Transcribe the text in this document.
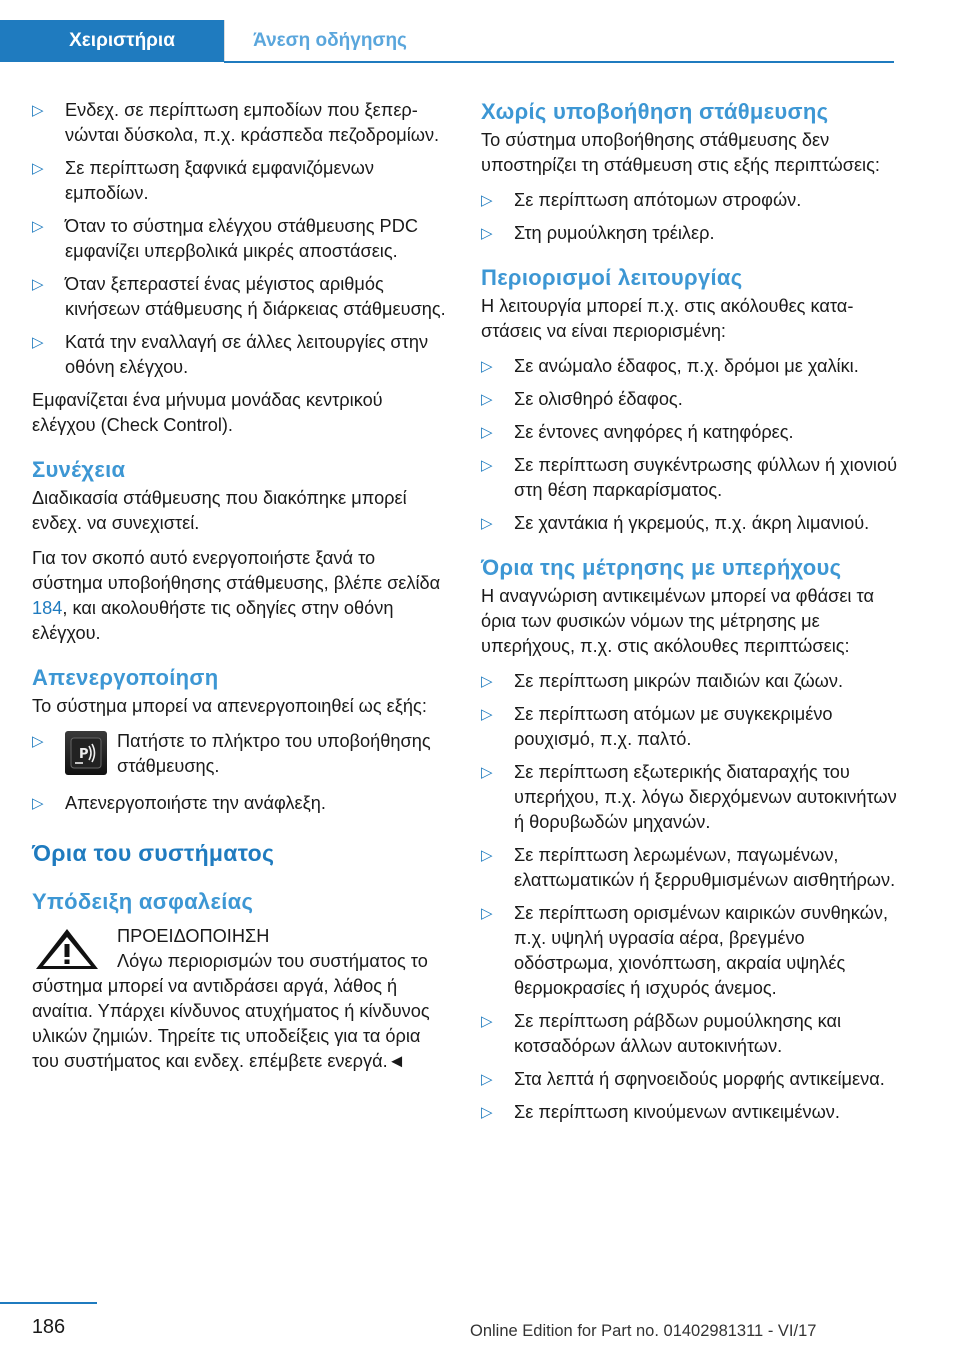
Χειριστήρια	Άνεση οδήγησης
▷ Ενδεχ. σε περίπτωση εμποδίων που ξεπερνώνται δύσκολα, π.χ. κράσπεδα πεζοδρομίων.
▷ Σε περίπτωση ξαφνικά εμφανιζόμενων εμποδίων.
▷ Όταν το σύστημα ελέγχου στάθμευσης PDC εμφανίζει υπερβολικά μικρές αποστάσεις.
▷ Όταν ξεπεραστεί ένας μέγιστος αριθμός κινήσεων στάθμευσης ή διάρκειας στάθμευσης.
▷ Κατά την εναλλαγή σε άλλες λειτουργίες στην οθόνη ελέγχου.

Εμφανίζεται ένα μήνυμα μονάδας κεντρικού ελέγχου (Check Control).

Συνέχεια

Διαδικασία στάθμευσης που διακόπηκε μπορεί ενδεχ. να συνεχιστεί.

Για τον σκοπό αυτό ενεργοποιήστε ξανά το σύστημα υποβοήθησης στάθμευσης, βλέπε σελίδα 184, και ακολουθήστε τις οδηγίες στην οθόνη ελέγχου.

Απενεργοποίηση

Το σύστημα μπορεί να απενεργοποιηθεί ως εξής:

▷
P
Πατήστε το πλήκτρο του υποβοήθησης στάθμευσης.
▷ Απενεργοποιήστε την ανάφλεξη.
Όρια του συστήματος
Υπόδειξη ασφαλείας
ΠΡΟΕΙΔΟΠΟΙΗΣΗ
Λόγω περιορισμών του συστήματος το

σύστημα μπορεί να αντιδράσει αργά, λάθος ή αναίτια. Υπάρχει κίνδυνος ατυχήματος ή κίνδυνος υλικών ζημιών. Τηρείτε τις υποδείξεις για τα όρια του συστήματος και ενδεχ. επέμβετε ενεργά.◄

Χωρίς υποβοήθηση στάθμευσης

Το σύστημα υποβοήθησης στάθμευσης δεν υποστηρίζει τη στάθμευση στις εξής περιπτώσεις:

▷ Σε περίπτωση απότομων στροφών.
▷ Στη ρυμούλκηση τρέιλερ.
Περιορισμοί λειτουργίας

Η λειτουργία μπορεί π.χ. στις ακόλουθες καταστάσεις να είναι περιορισμένη:

▷ Σε ανώμαλο έδαφος, π.χ. δρόμοι με χαλίκι.
▷ Σε ολισθηρό έδαφος.
▷ Σε έντονες ανηφόρες ή κατηφόρες.
▷ Σε περίπτωση συγκέντρωσης φύλλων ή χιονιού στη θέση παρκαρίσματος.
▷ Σε χαντάκια ή γκρεμούς, π.χ. άκρη λιμανιού.
Όρια της μέτρησης με υπερήχους

Η αναγνώριση αντικειμένων μπορεί να φθάσει τα όρια των φυσικών νόμων της μέτρησης με υπερήχους, π.χ. στις ακόλουθες περιπτώσεις:

▷ Σε περίπτωση μικρών παιδιών και ζώων.
▷ Σε περίπτωση ατόμων με συγκεκριμένο ρουχισμό, π.χ. παλτό.
▷ Σε περίπτωση εξωτερικής διαταραχής του υπερήχου, π.χ. λόγω διερχόμενων αυτοκινήτων ή θορυβωδών μηχανών.
▷ Σε περίπτωση λερωμένων, παγωμένων, ελαττωματικών ή ξερρυθμισμένων αισθητήρων.
▷ Σε περίπτωση ορισμένων καιρικών συνθηκών, π.χ. υψηλή υγρασία αέρα, βρεγμένο οδόστρωμα, χιονόπτωση, ακραία υψηλές θερμοκρασίες ή ισχυρός άνεμος.
▷ Σε περίπτωση ράβδων ρυμούλκησης και κοτσαδόρων άλλων αυτοκινήτων.
▷ Στα λεπτά ή σφηνοειδούς μορφής αντικείμενα.
▷ Σε περίπτωση κινούμενων αντικειμένων.
186	Online Edition for Part no. 01402981311 - VI/17
